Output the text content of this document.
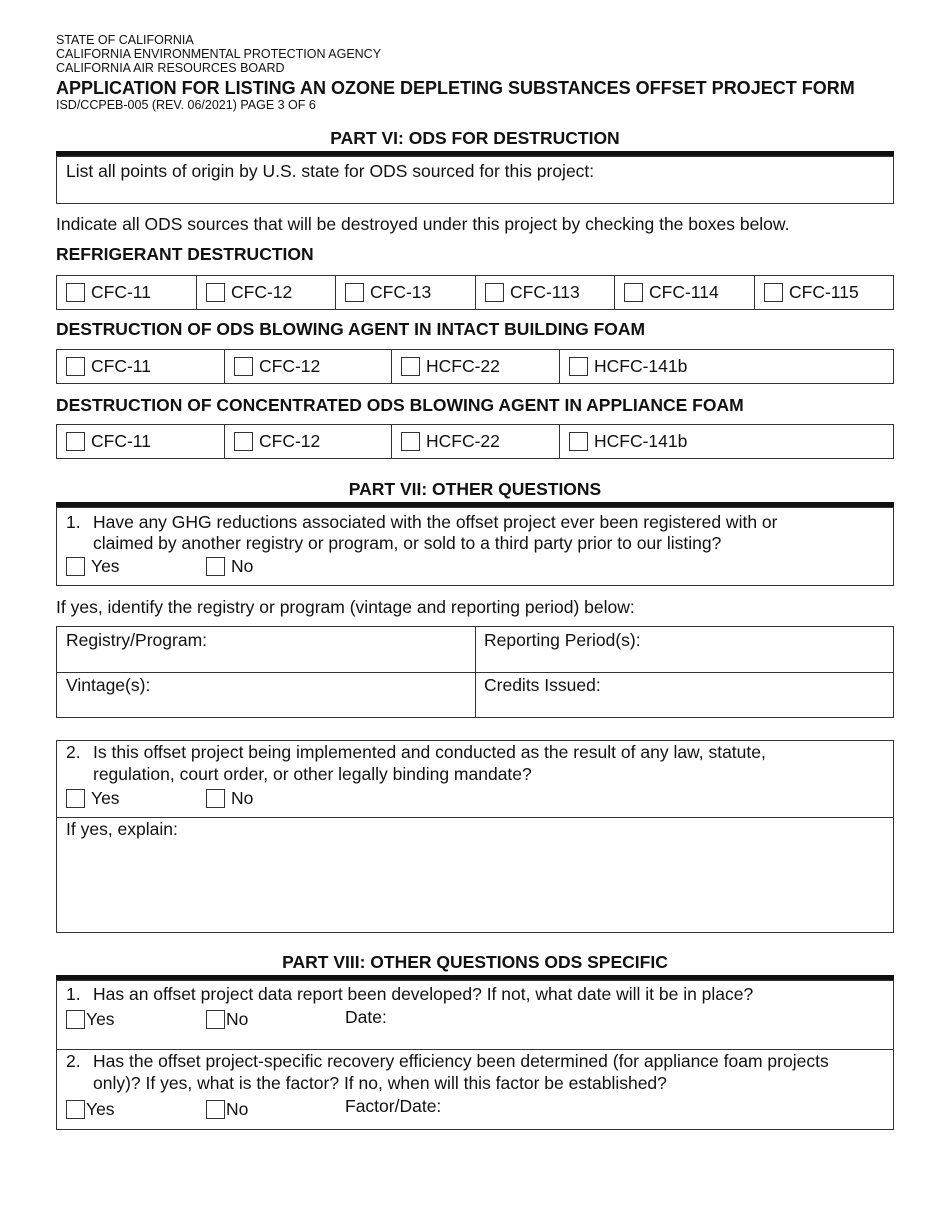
STATE OF CALIFORNIA
CALIFORNIA ENVIRONMENTAL PROTECTION AGENCY
CALIFORNIA AIR RESOURCES BOARD
APPLICATION FOR LISTING AN OZONE DEPLETING SUBSTANCES OFFSET PROJECT FORM
ISD/CCPEB-005 (REV. 06/2021) PAGE 3 OF 6
PART VI: ODS FOR DESTRUCTION
List all points of origin by U.S. state for ODS sourced for this project:
Indicate all ODS sources that will be destroyed under this project by checking the boxes below.
REFRIGERANT DESTRUCTION
CFC-11	CFC-12	CFC-13	CFC-113	CFC-114	CFC-115
DESTRUCTION OF ODS BLOWING AGENT IN INTACT BUILDING FOAM
CFC-11	CFC-12	HCFC-22	HCFC-141b
DESTRUCTION OF CONCENTRATED ODS BLOWING AGENT IN APPLIANCE FOAM
CFC-11	CFC-12	HCFC-22	HCFC-141b
PART VII: OTHER QUESTIONS
1. Have any GHG reductions associated with the offset project ever been registered with or
claimed by another registry or program, or sold to a third party prior to our listing?
Yes	No
If yes, identify the registry or program (vintage and reporting period) below:
Registry/Program:	Reporting Period(s):
Vintage(s):	Credits Issued:
2. Is this offset project being implemented and conducted as the result of any law, statute,
regulation, court order, or other legally binding mandate?
Yes	No
If yes, explain:
PART VIII: OTHER QUESTIONS ODS SPECIFIC
1. Has an offset project data report been developed? If not, what date will it be in place?
Yes	No	Date:
2. Has the offset project-specific recovery efficiency been determined (for appliance foam projects
only)? If yes, what is the factor? If no, when will this factor be established?
Yes	No	Factor/Date:
